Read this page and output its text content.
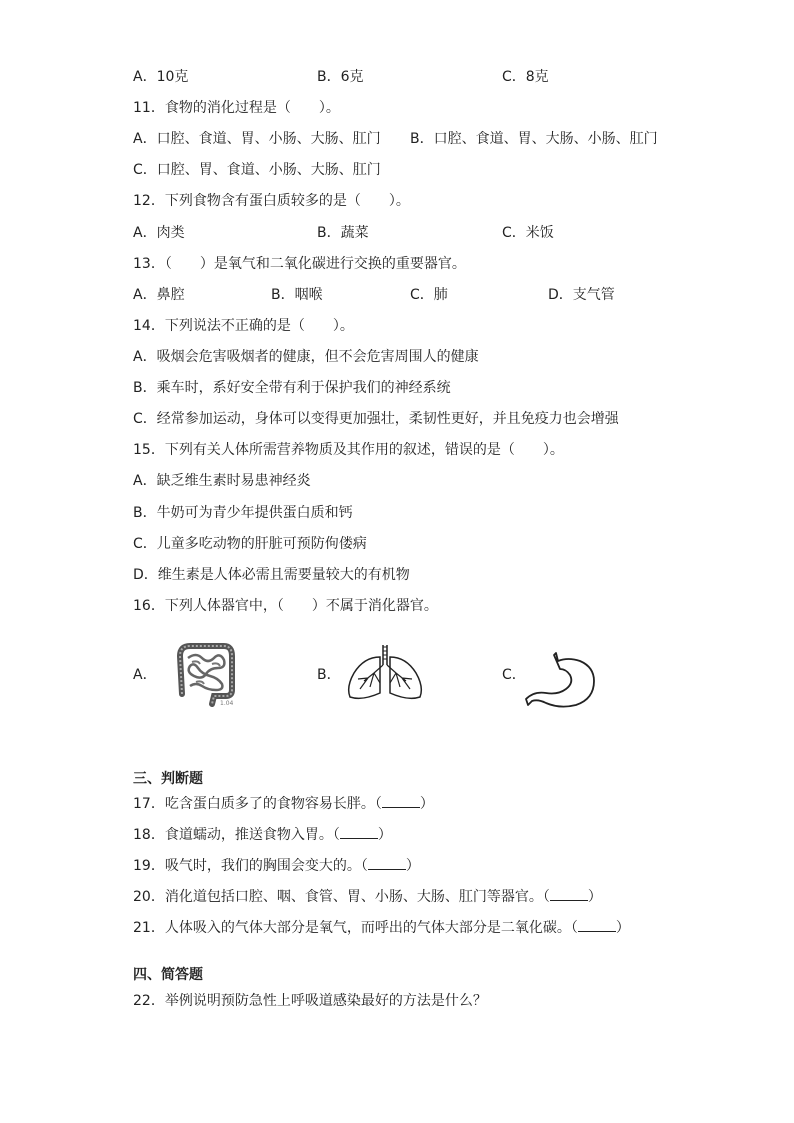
A．10克	B．6克	C．8克
11．食物的消化过程是（　　）。
A．口腔、食道、胃、小肠、大肠、肛门 B．口腔、食道、胃、大肠、小肠、肛门
C．口腔、胃、食道、小肠、大肠、肛门
12．下列食物含有蛋白质较多的是（　　）。
A．肉类	B．蔬菜	C．米饭
13．（　　）是氧气和二氧化碳进行交换的重要器官。
A．鼻腔	B．咽喉	C．肺	D．支气管
14．下列说法不正确的是（　　）。
A．吸烟会危害吸烟者的健康，但不会危害周围人的健康
B．乘车时，系好安全带有利于保护我们的神经系统
C．经常参加运动，身体可以变得更加强壮，柔韧性更好，并且免疫力也会增强
15．下列有关人体所需营养物质及其作用的叙述，错误的是（　　）。
A．缺乏维生素时易患神经炎
B．牛奶可为青少年提供蛋白质和钙
C．儿童多吃动物的肝脏可预防佝偻病
D．维生素是人体必需且需要量较大的有机物
16．下列人体器官中，（　　）不属于消化器官。
A．
1.04
B．	C．
三、判断题
17．吃含蛋白质多了的食物容易长胖。（	）
18．食道蠕动，推送食物入胃。（	）
19．吸气时，我们的胸围会变大的。（	）
20．消化道包括口腔、咽、食管、胃、小肠、大肠、肛门等器官。（	）
21．人体吸入的气体大部分是氧气，而呼出的气体大部分是二氧化碳。（	）
四、简答题
22．举例说明预防急性上呼吸道感染最好的方法是什么？
